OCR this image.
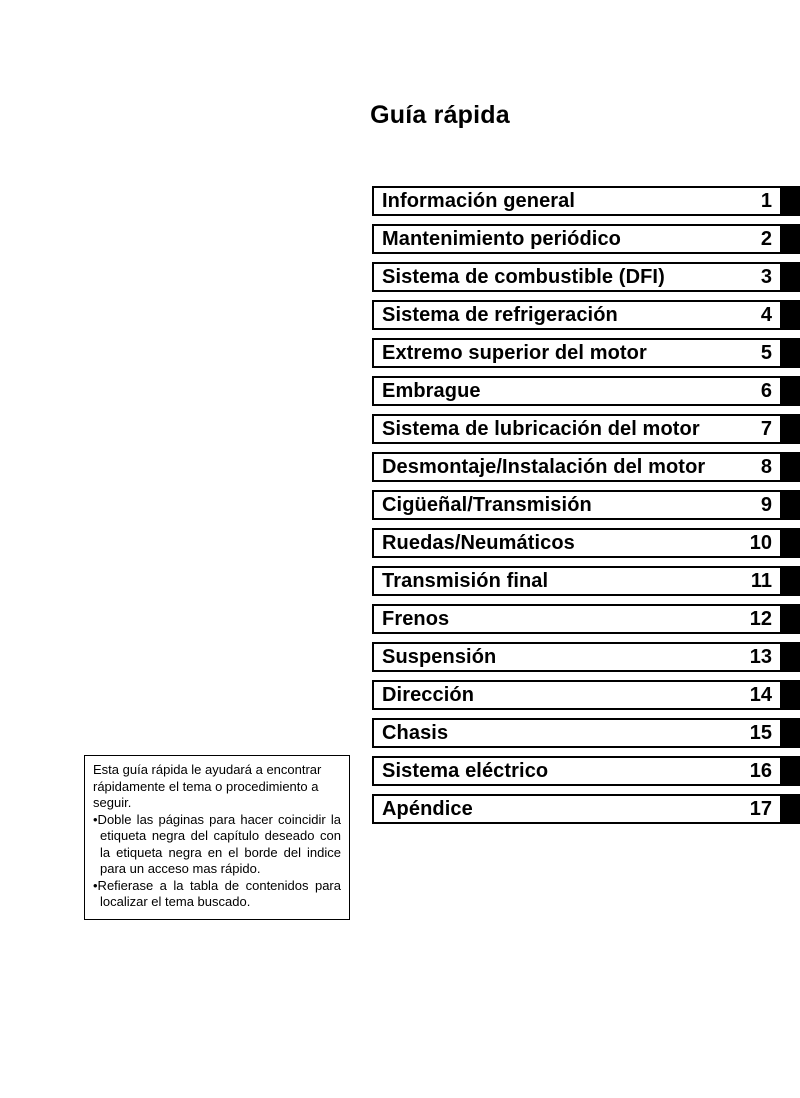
Guía rápida
Información general	1
Mantenimiento periódico	2
Sistema de combustible (DFI)	3
Sistema de refrigeración	4
Extremo superior del motor	5
Embrague	6
Sistema de lubricación del motor	7
Desmontaje/Instalación del motor	8
Cigüeñal/Transmisión	9
Ruedas/Neumáticos	10
Transmisión final	11
Frenos	12
Suspensión	13
Dirección	14
Chasis	15
Sistema eléctrico	16
Apéndice	17
Esta guía rápida le ayudará a encontrar rápidamente el tema o procedimiento a seguir.
•Doble las páginas para hacer coincidir la etiqueta negra del capítulo deseado con la etiqueta negra en el borde del indice para un acceso mas rápido.
•Refierase a la tabla de contenidos para localizar el tema buscado.
